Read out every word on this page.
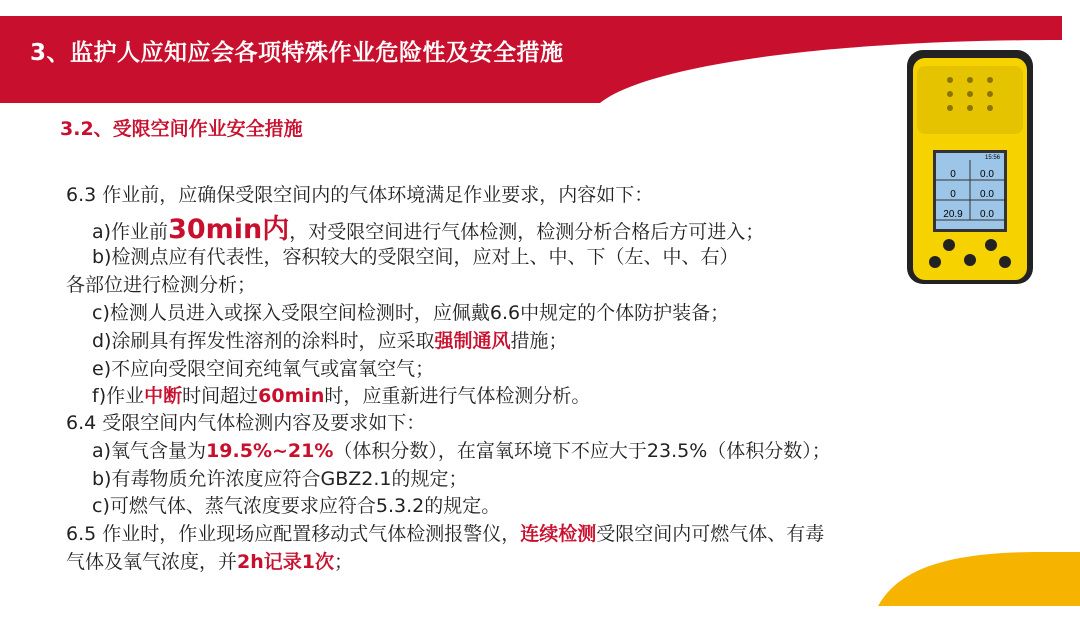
3、监护人应知应会各项特殊作业危险性及安全措施
3.2、受限空间作业安全措施
15:56
0 0.0
0 0.0
20.9 0.0
6.3 作业前，应确保受限空间内的气体环境满足作业要求，内容如下：
a)作业前30min内，对受限空间进行气体检测，检测分析合格后方可进入；
b)检测点应有代表性，容积较大的受限空间，应对上、中、下（左、中、右）
各部位进行检测分析；
c)检测人员进入或探入受限空间检测时，应佩戴6.6中规定的个体防护装备；
d)涂刷具有挥发性溶剂的涂料时，应采取强制通风措施；
e)不应向受限空间充纯氧气或富氧空气；
f)作业中断时间超过60min时，应重新进行气体检测分析。
6.4 受限空间内气体检测内容及要求如下：
a)氧气含量为19.5%~21%（体积分数），在富氧环境下不应大于23.5%（体积分数）；
b)有毒物质允许浓度应符合GBZ2.1的规定；
c)可燃气体、蒸气浓度要求应符合5.3.2的规定。
6.5 作业时，作业现场应配置移动式气体检测报警仪，连续检测受限空间内可燃气体、有毒
气体及氧气浓度，并2h记录1次；
